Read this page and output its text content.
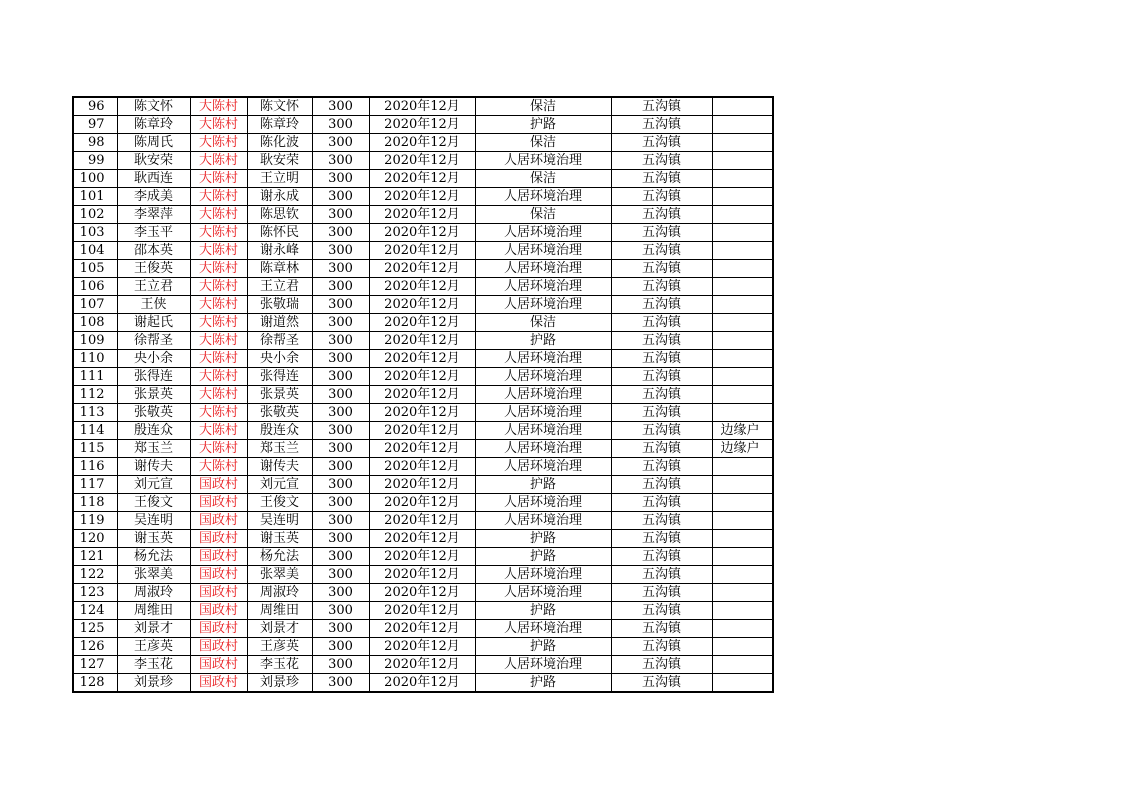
96	陈文怀	大陈村	陈文怀	300	2020年12月	保洁	五沟镇	
97	陈章玲	大陈村	陈章玲	300	2020年12月	护路	五沟镇	
98	陈周氏	大陈村	陈化波	300	2020年12月	保洁	五沟镇	
99	耿安荣	大陈村	耿安荣	300	2020年12月	人居环境治理	五沟镇	
100	耿西连	大陈村	王立明	300	2020年12月	保洁	五沟镇	
101	李成美	大陈村	谢永成	300	2020年12月	人居环境治理	五沟镇	
102	李翠萍	大陈村	陈思钦	300	2020年12月	保洁	五沟镇	
103	李玉平	大陈村	陈怀民	300	2020年12月	人居环境治理	五沟镇	
104	邵本英	大陈村	谢永峰	300	2020年12月	人居环境治理	五沟镇	
105	王俊英	大陈村	陈章林	300	2020年12月	人居环境治理	五沟镇	
106	王立君	大陈村	王立君	300	2020年12月	人居环境治理	五沟镇	
107	王侠	大陈村	张敬瑞	300	2020年12月	人居环境治理	五沟镇	
108	谢起氏	大陈村	谢道然	300	2020年12月	保洁	五沟镇	
109	徐帮圣	大陈村	徐帮圣	300	2020年12月	护路	五沟镇	
110	央小余	大陈村	央小余	300	2020年12月	人居环境治理	五沟镇	
111	张得连	大陈村	张得连	300	2020年12月	人居环境治理	五沟镇	
112	张景英	大陈村	张景英	300	2020年12月	人居环境治理	五沟镇	
113	张敬英	大陈村	张敬英	300	2020年12月	人居环境治理	五沟镇	
114	殷连众	大陈村	殷连众	300	2020年12月	人居环境治理	五沟镇	边缘户
115	郑玉兰	大陈村	郑玉兰	300	2020年12月	人居环境治理	五沟镇	边缘户
116	谢传夫	大陈村	谢传夫	300	2020年12月	人居环境治理	五沟镇	
117	刘元宣	国政村	刘元宣	300	2020年12月	护路	五沟镇	
118	王俊文	国政村	王俊文	300	2020年12月	人居环境治理	五沟镇	
119	吴连明	国政村	吴连明	300	2020年12月	人居环境治理	五沟镇	
120	谢玉英	国政村	谢玉英	300	2020年12月	护路	五沟镇	
121	杨允法	国政村	杨允法	300	2020年12月	护路	五沟镇	
122	张翠美	国政村	张翠美	300	2020年12月	人居环境治理	五沟镇	
123	周淑玲	国政村	周淑玲	300	2020年12月	人居环境治理	五沟镇	
124	周维田	国政村	周维田	300	2020年12月	护路	五沟镇	
125	刘景才	国政村	刘景才	300	2020年12月	人居环境治理	五沟镇	
126	王彦英	国政村	王彦英	300	2020年12月	护路	五沟镇	
127	李玉花	国政村	李玉花	300	2020年12月	人居环境治理	五沟镇	
128	刘景珍	国政村	刘景珍	300	2020年12月	护路	五沟镇	
